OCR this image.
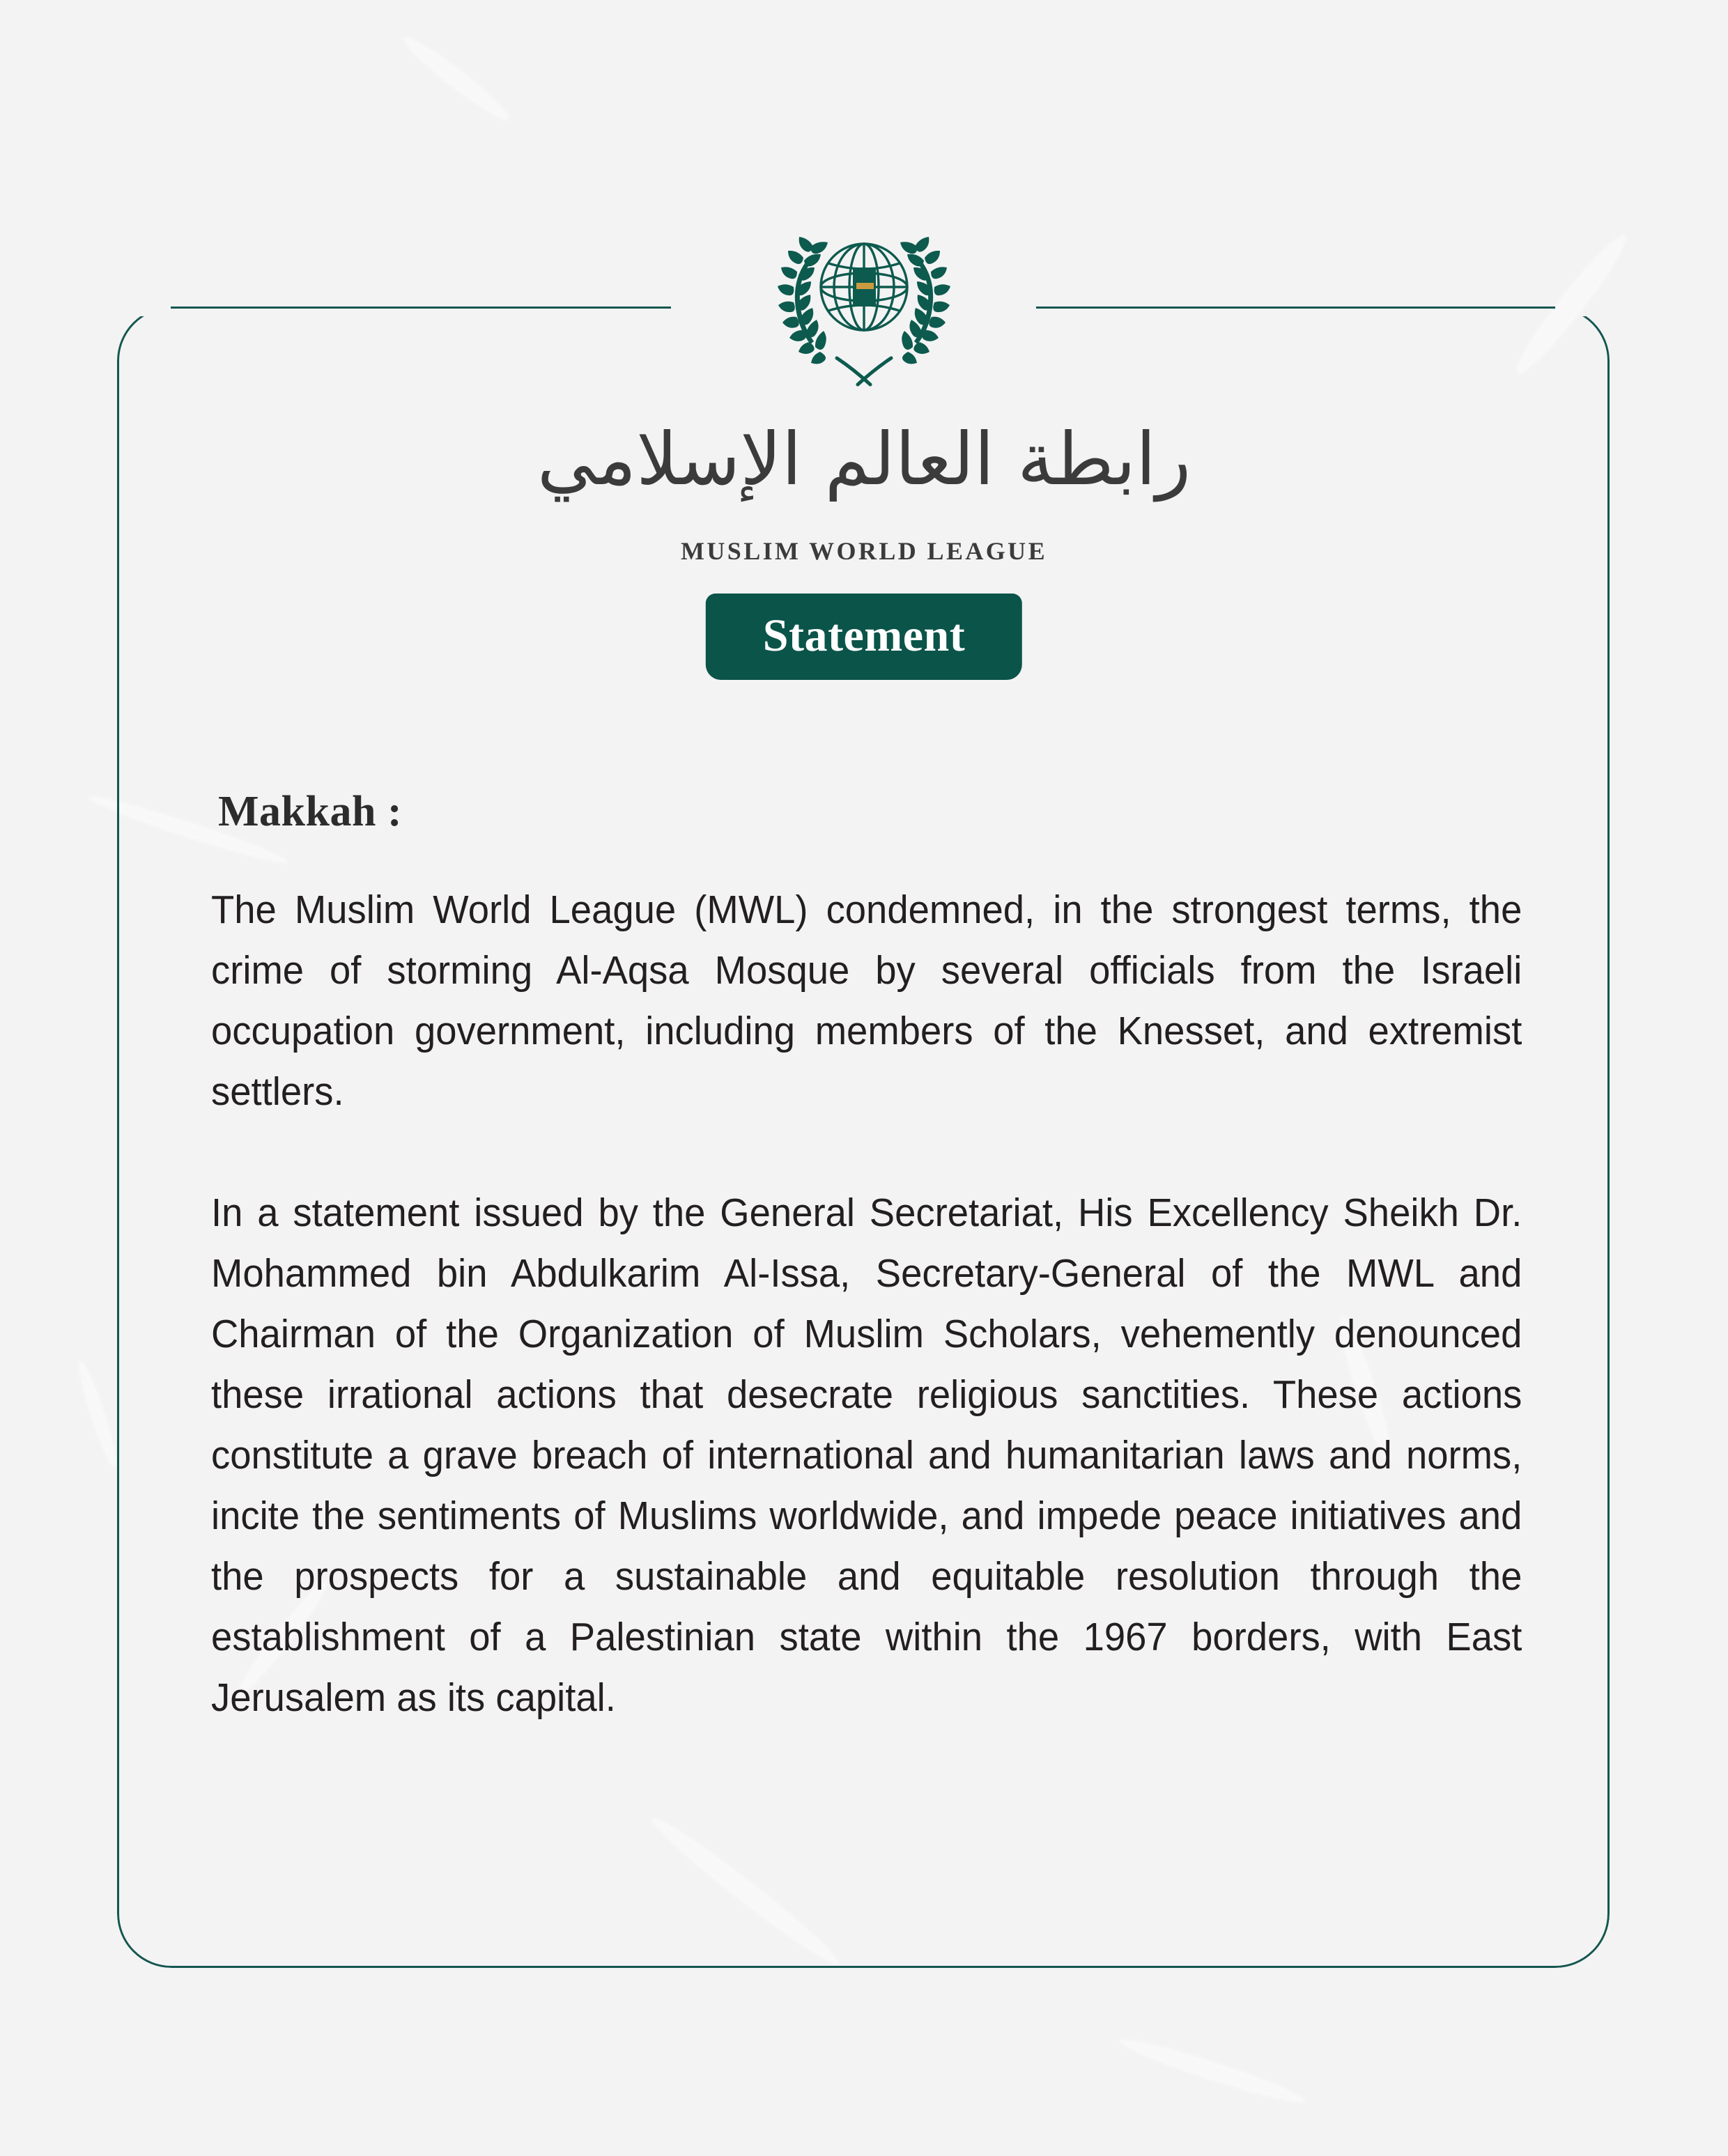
رابطة العالم الإسلامي
MUSLIM WORLD LEAGUE
Statement
Makkah :

The Muslim World League (MWL) condemned, in the strongest terms, the crime of storming Al-Aqsa Mosque by several officials from the Israeli occupation government, including members of the Knesset, and extremist settlers.

In a statement issued by the General Secretariat, His Excellency Sheikh Dr. Mohammed bin Abdulkarim Al-Issa, Secretary-General of the MWL and Chairman of the Organization of Muslim Scholars, vehemently denounced these irrational actions that desecrate religious sanctities. These actions constitute a grave breach of international and humanitarian laws and norms, incite the sentiments of Muslims worldwide, and impede peace initiatives and the prospects for a sustainable and equitable resolution through the establishment of a Palestinian state within the 1967 borders, with East Jerusalem as its capital.
